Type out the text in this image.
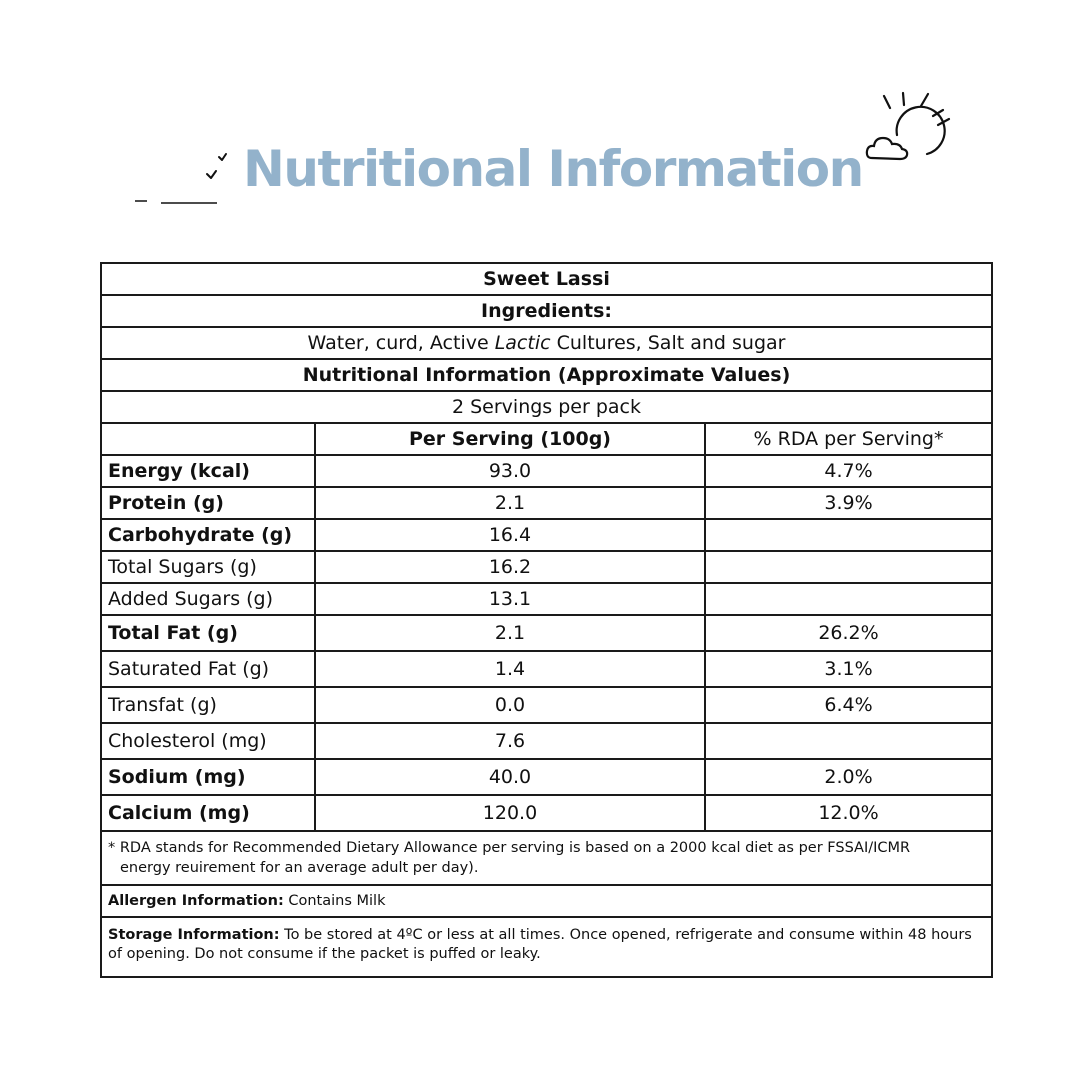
Nutritional Information
Sweet Lassi		
Ingredients:		
Water, curd, Active Lactic Cultures, Salt and sugar		
Nutritional Information (Approximate Values)		
2 Servings per pack		
	Per Serving (100g)	% RDA per Serving*
Energy (kcal)	93.0	4.7%
Protein (g)	2.1	3.9%
Carbohydrate (g)	16.4	
Total Sugars (g)	16.2	
Added Sugars (g)	13.1	
Total Fat (g)	2.1	26.2%
Saturated Fat (g)	1.4	3.1%
Transfat (g)	0.0	6.4%
Cholesterol (mg)	7.6	
Sodium (mg)	40.0	2.0%
Calcium (mg)	120.0	12.0%
* RDA stands for Recommended Dietary Allowance per serving is based on a 2000 kcal diet as per FSSAI/ICMR
energy reuirement for an average adult per day).		

Allergen Information: Contains Milk		
Storage Information: To be stored at 4ºC or less at all times. Once opened, refrigerate and consume within 48 hours of opening. Do not consume if the packet is puffed or leaky.		
